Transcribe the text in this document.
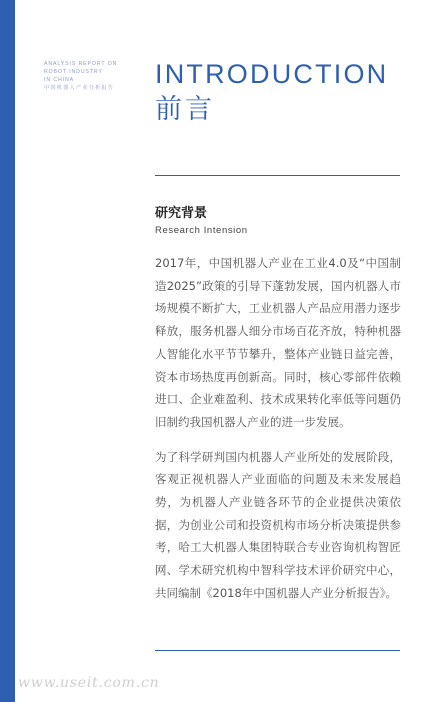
ANALYSIS REPORT ON
ROBOT INDUSTRY
IN CHINA
中国机器人产业分析报告	INTRODUCTION
前言
研究背景
Research Intension

2017年，中国机器人产业在工业4.0及“中国制造2025”政策的引导下蓬勃发展，国内机器人市场规模不断扩大，工业机器人产品应用潜力逐步释放，服务机器人细分市场百花齐放，特种机器人智能化水平节节攀升，整体产业链日益完善，资本市场热度再创新高。同时，核心零部件依赖进口、企业难盈利、技术成果转化率低等问题仍旧制约我国机器人产业的进一步发展。

为了科学研判国内机器人产业所处的发展阶段，客观正视机器人产业面临的问题及未来发展趋势，为机器人产业链各环节的企业提供决策依据，为创业公司和投资机构市场分析决策提供参考，哈工大机器人集团特联合专业咨询机构智匠网、学术研究机构中智科学技术评价研究中心，共同编制《2018年中国机器人产业分析报告》。

www.useit.com.cn
